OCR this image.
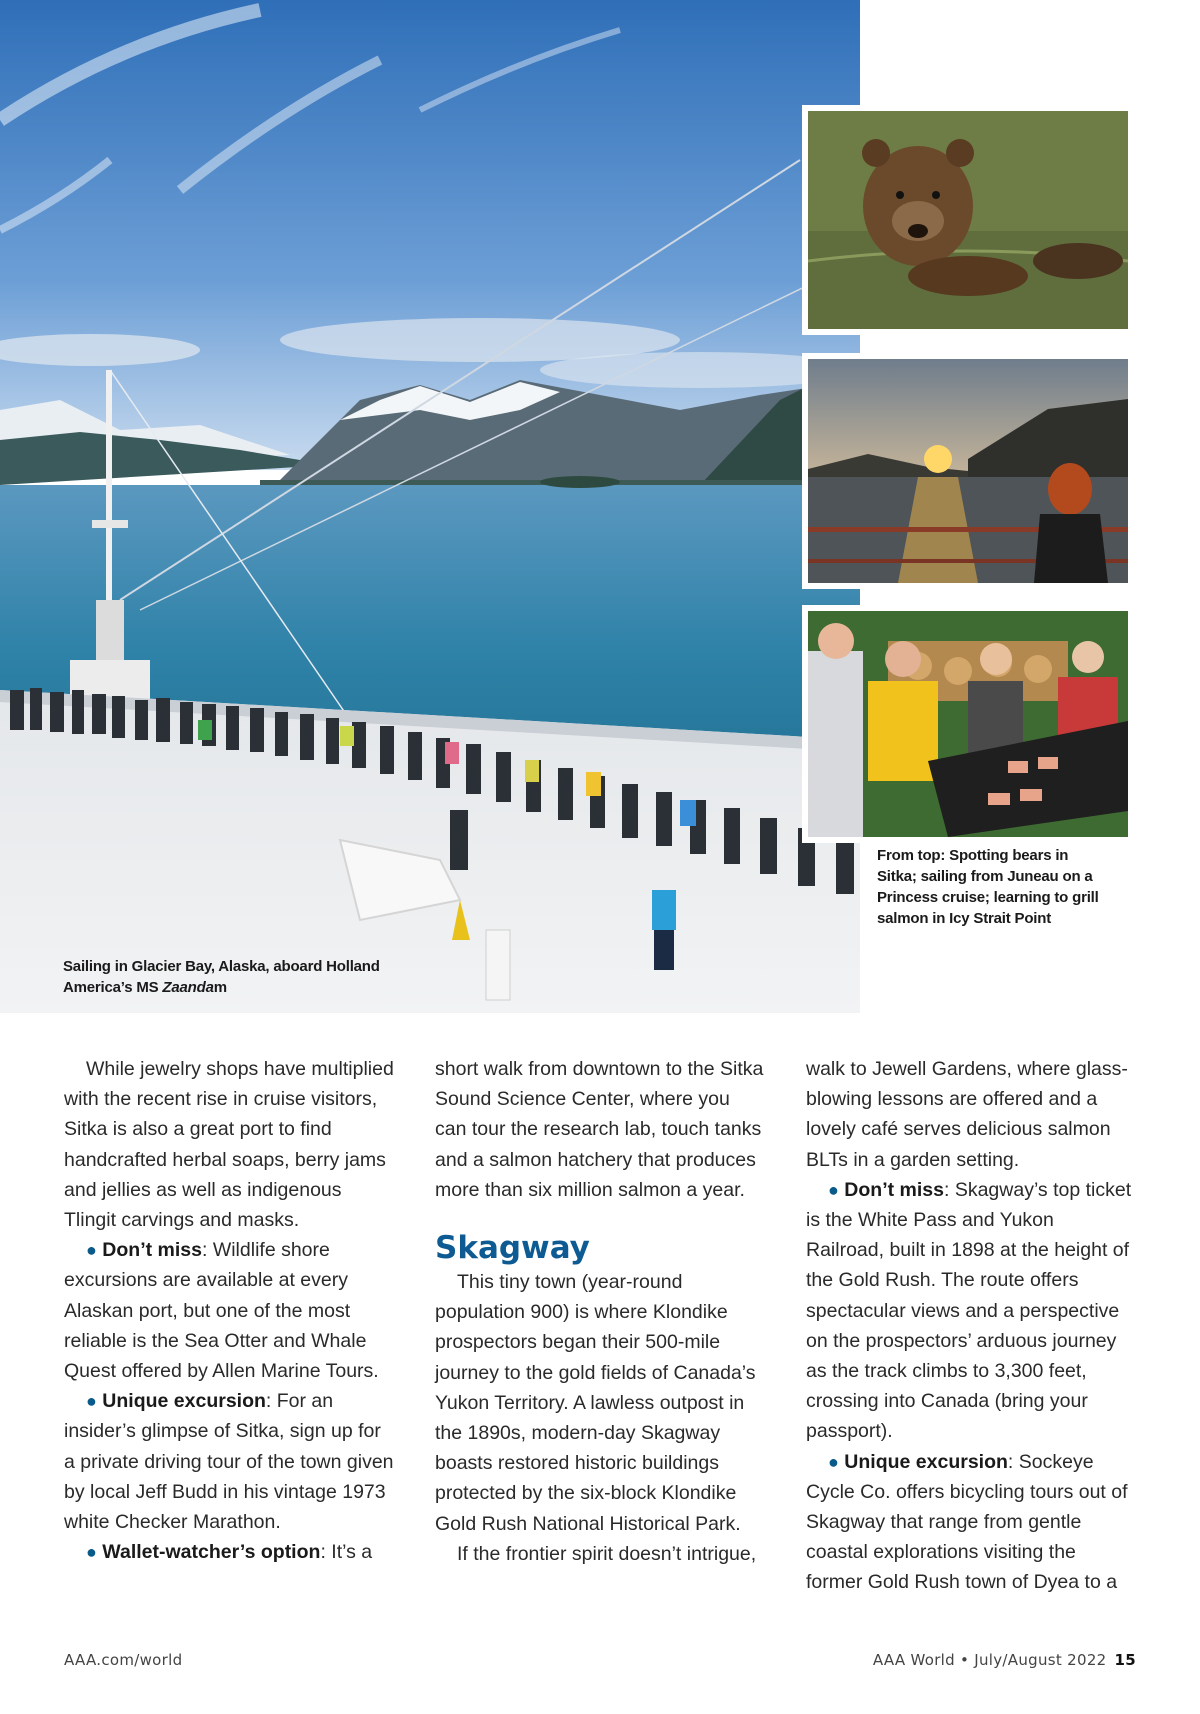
Sailing in Glacier Bay, Alaska, aboard Holland America’s MS Zaandam
From top: Spotting bears in Sitka; sailing from Juneau on a Princess cruise; learning to grill salmon in Icy Strait Point

While jewelry shops have multiplied with the recent rise in cruise visitors, Sitka is also a great port to find handcrafted herbal soaps, berry jams and jellies as well as indigenous Tlingit carvings and masks.

● Don’t miss: Wildlife shore excursions are available at every Alaskan port, but one of the most reliable is the Sea Otter and Whale Quest offered by Allen Marine Tours.

● Unique excursion: For an insider’s glimpse of Sitka, sign up for a private driving tour of the town given by local Jeff Budd in his vintage 1973 white Checker Marathon.

● Wallet-watcher’s option: It’s a

short walk from downtown to the Sitka Sound Science Center, where you can tour the research lab, touch tanks and a salmon hatchery that produces more than six million salmon a year.

Skagway

This tiny town (year-round population 900) is where Klondike prospectors began their 500-mile journey to the gold fields of Canada’s Yukon Territory. A lawless outpost in the 1890s, modern-day Skagway boasts restored historic buildings protected by the six-block Klondike Gold Rush National Historical Park.

If the frontier spirit doesn’t intrigue,

walk to Jewell Gardens, where glass-blowing lessons are offered and a lovely café serves delicious salmon BLTs in a garden setting.

● Don’t miss: Skagway’s top ticket is the White Pass and Yukon Railroad, built in 1898 at the height of the Gold Rush. The route offers spectacular views and a perspective on the prospectors’ arduous journey as the track climbs to 3,300 feet, crossing into Canada (bring your passport).

● Unique excursion: Sockeye Cycle Co. offers bicycling tours out of Skagway that range from gentle coastal explorations visiting the former Gold Rush town of Dyea to a

AAA.com/world	AAA World • July/August 2022 15
